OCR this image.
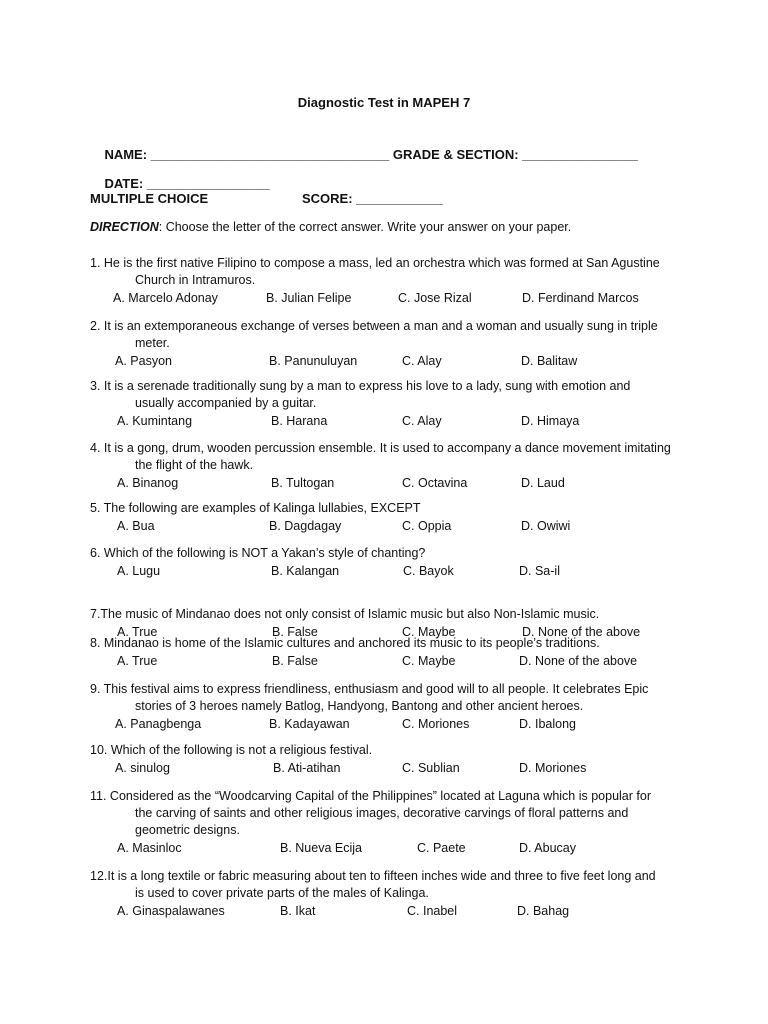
Diagnostic Test in MAPEH 7

NAME: _________________________________ GRADE & SECTION: ________________

DATE: _________________

SCORE: ____________

MULTIPLE CHOICE
DIRECTION: Choose the letter of the correct answer. Write your answer on your paper.
1. He is the first native Filipino to compose a mass, led an orchestra which was formed at San Agustine
Church in Intramuros.
A. Marcelo Adonay	B. Julian Felipe	C. Jose Rizal	D. Ferdinand Marcos
2. It is an extemporaneous exchange of verses between a man and a woman and usually sung in triple
meter.
A. Pasyon	B. Panunuluyan	C. Alay	D. Balitaw
3. It is a serenade traditionally sung by a man to express his love to a lady, sung with emotion and
usually accompanied by a guitar.
A. Kumintang	B. Harana	C. Alay	D. Himaya
4. It is a gong, drum, wooden percussion ensemble. It is used to accompany a dance movement imitating
the flight of the hawk.
A. Binanog	B. Tultogan	C. Octavina	D. Laud
5. The following are examples of Kalinga lullabies, EXCEPT
A. Bua	B. Dagdagay	C. Oppia	D. Owiwi
6. Which of the following is NOT a Yakan’s style of chanting?
A. Lugu	B. Kalangan	C. Bayok	D. Sa-il
7.The music of Mindanao does not only consist of Islamic music but also Non-Islamic music.
A. True	B. False	C. Maybe	D. None of the above
8. Mindanao is home of the Islamic cultures and anchored its music to its people’s traditions.
A. True	B. False	C. Maybe	D. None of the above
9. This festival aims to express friendliness, enthusiasm and good will to all people. It celebrates Epic
stories of 3 heroes namely Batlog, Handyong, Bantong and other ancient heroes.
A. Panagbenga	B. Kadayawan	C. Moriones	D. Ibalong
10. Which of the following is not a religious festival.
A. sinulog	B. Ati-atihan	C. Sublian	D. Moriones
11. Considered as the “Woodcarving Capital of the Philippines” located at Laguna which is popular for
the carving of saints and other religious images, decorative carvings of floral patterns and
geometric designs.
A. Masinloc	B. Nueva Ecija	C. Paete	D. Abucay
12.It is a long textile or fabric measuring about ten to fifteen inches wide and three to five feet long and
is used to cover private parts of the males of Kalinga.
A. Ginaspalawanes	B. Ikat	C. Inabel	D. Bahag
